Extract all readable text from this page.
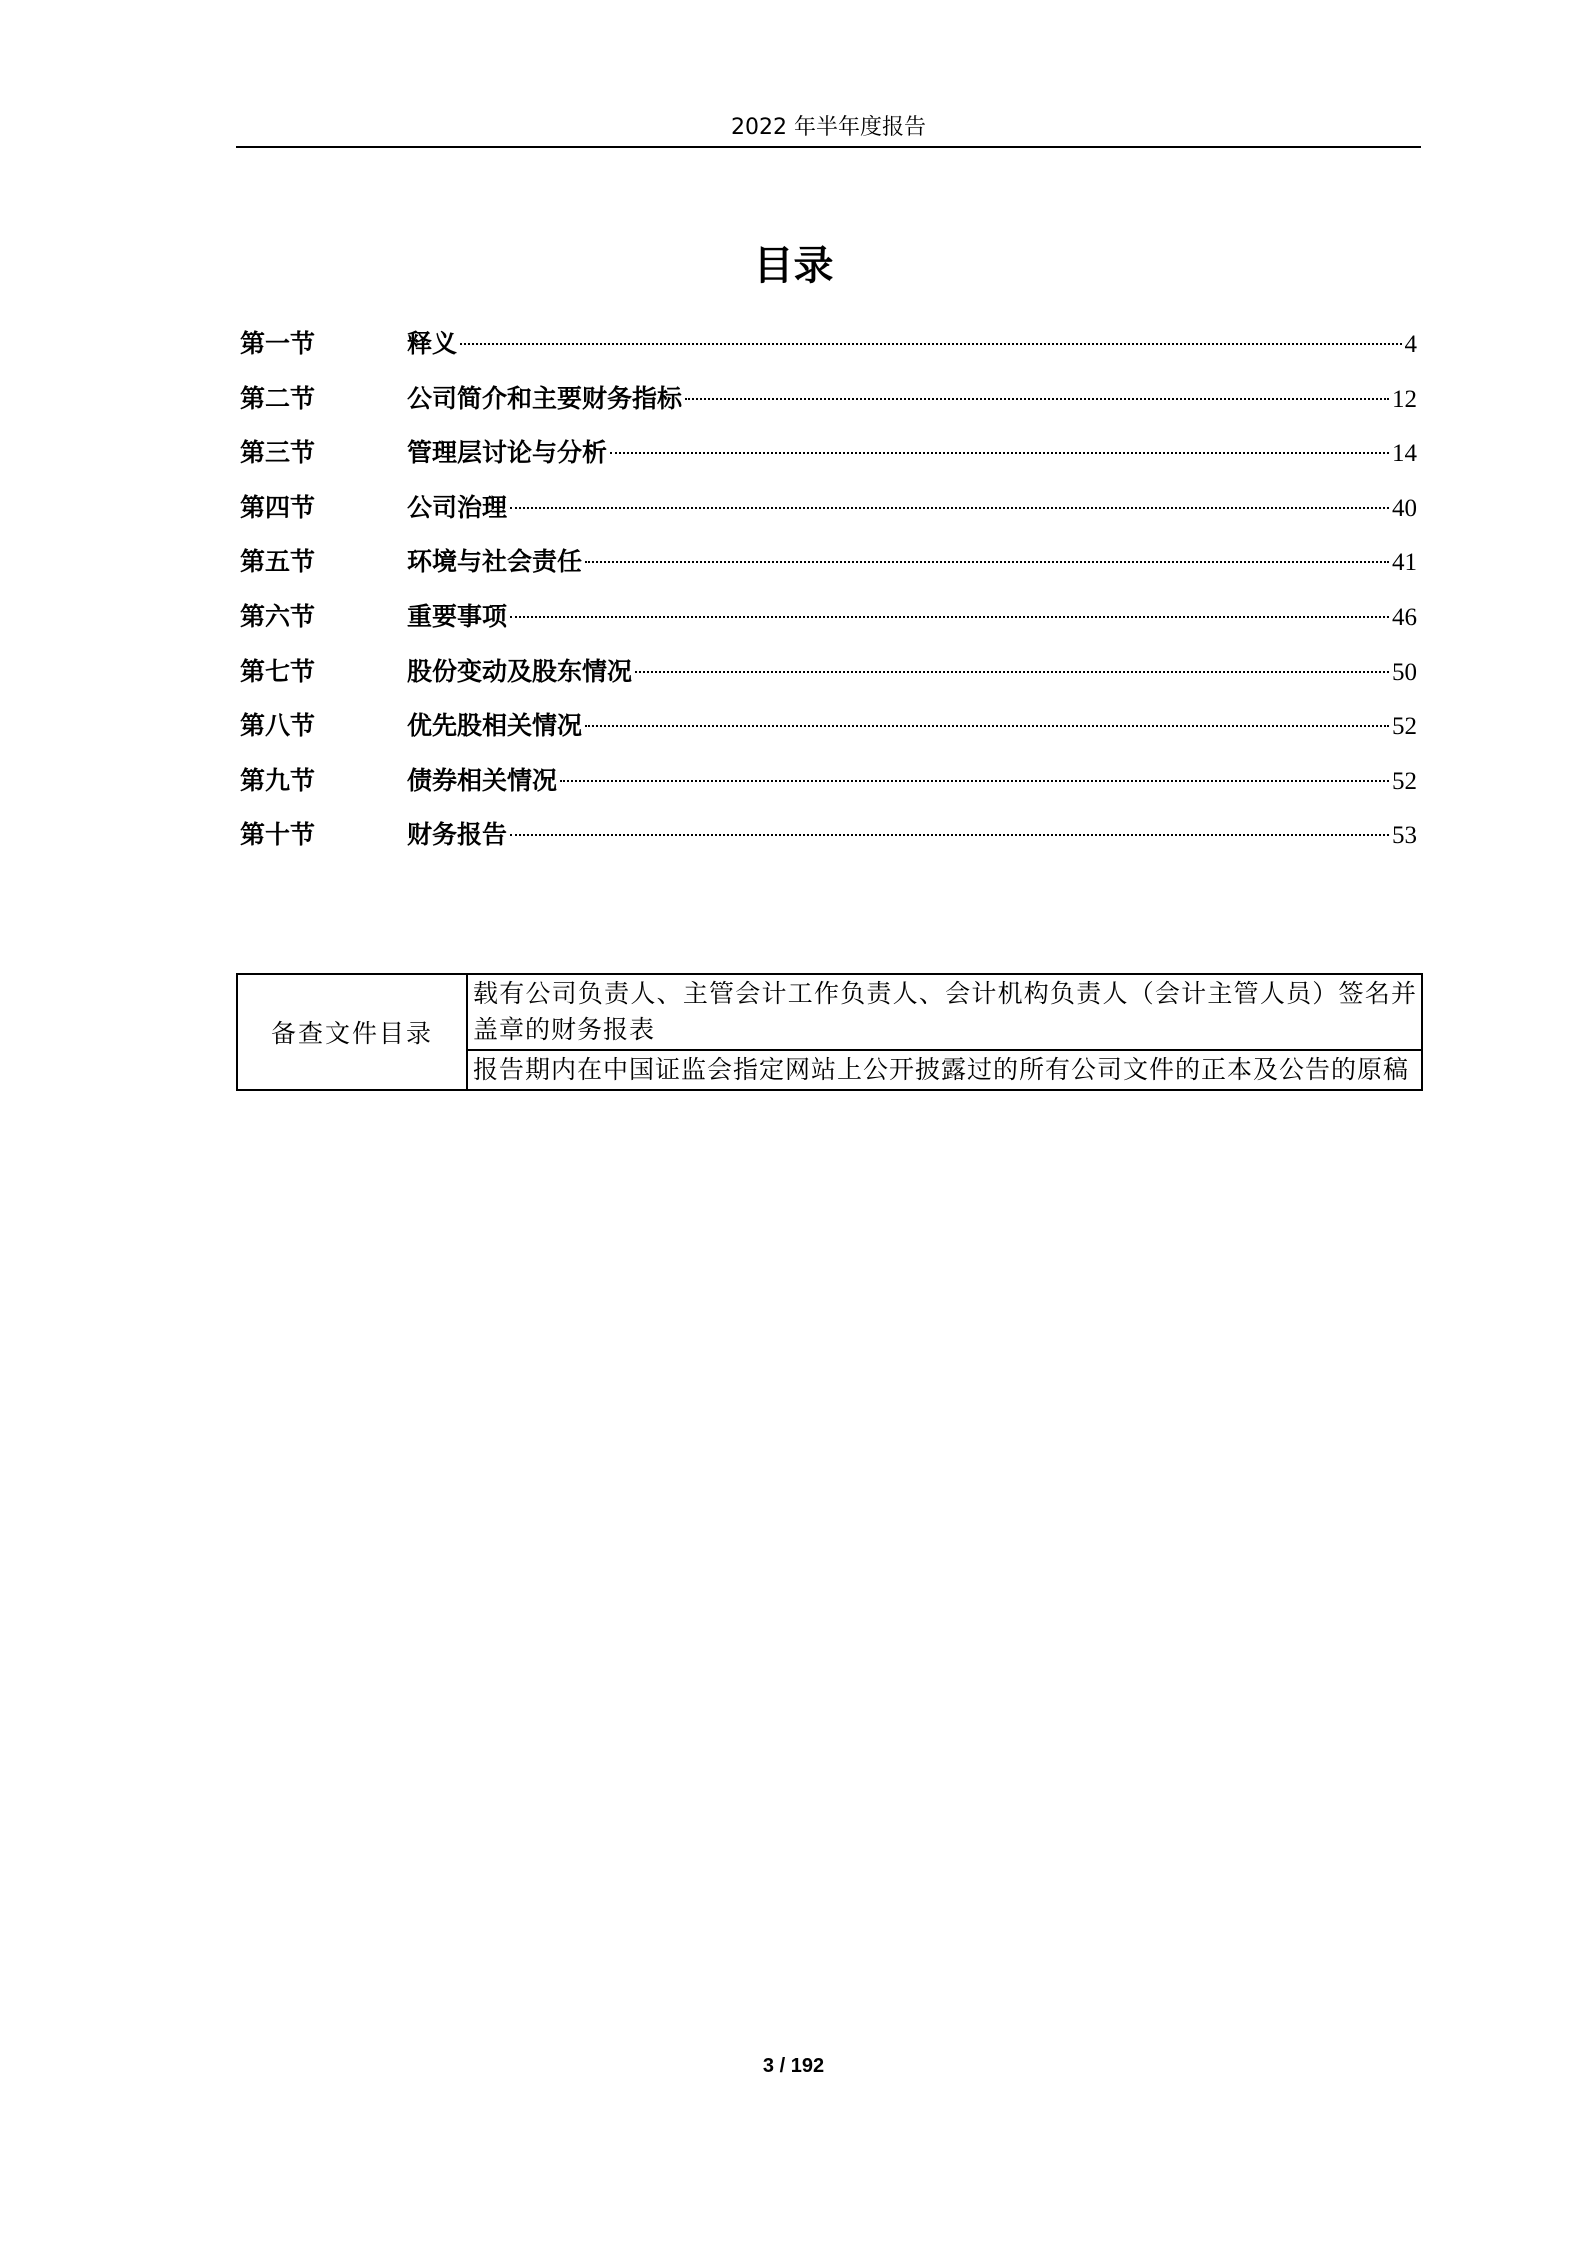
2022 年半年度报告
目录
第一节	释义	4
第二节	公司简介和主要财务指标	12
第三节	管理层讨论与分析	14
第四节	公司治理	40
第五节	环境与社会责任	41
第六节	重要事项	46
第七节	股份变动及股东情况	50
第八节	优先股相关情况	52
第九节	债券相关情况	52
第十节	财务报告	53
备查文件目录	载有公司负责人、主管会计工作负责人、会计机构负责人（会计主管人员）签名并盖章的财务报表
报告期内在中国证监会指定网站上公开披露过的所有公司文件的正本及公告的原稿
3 / 192
